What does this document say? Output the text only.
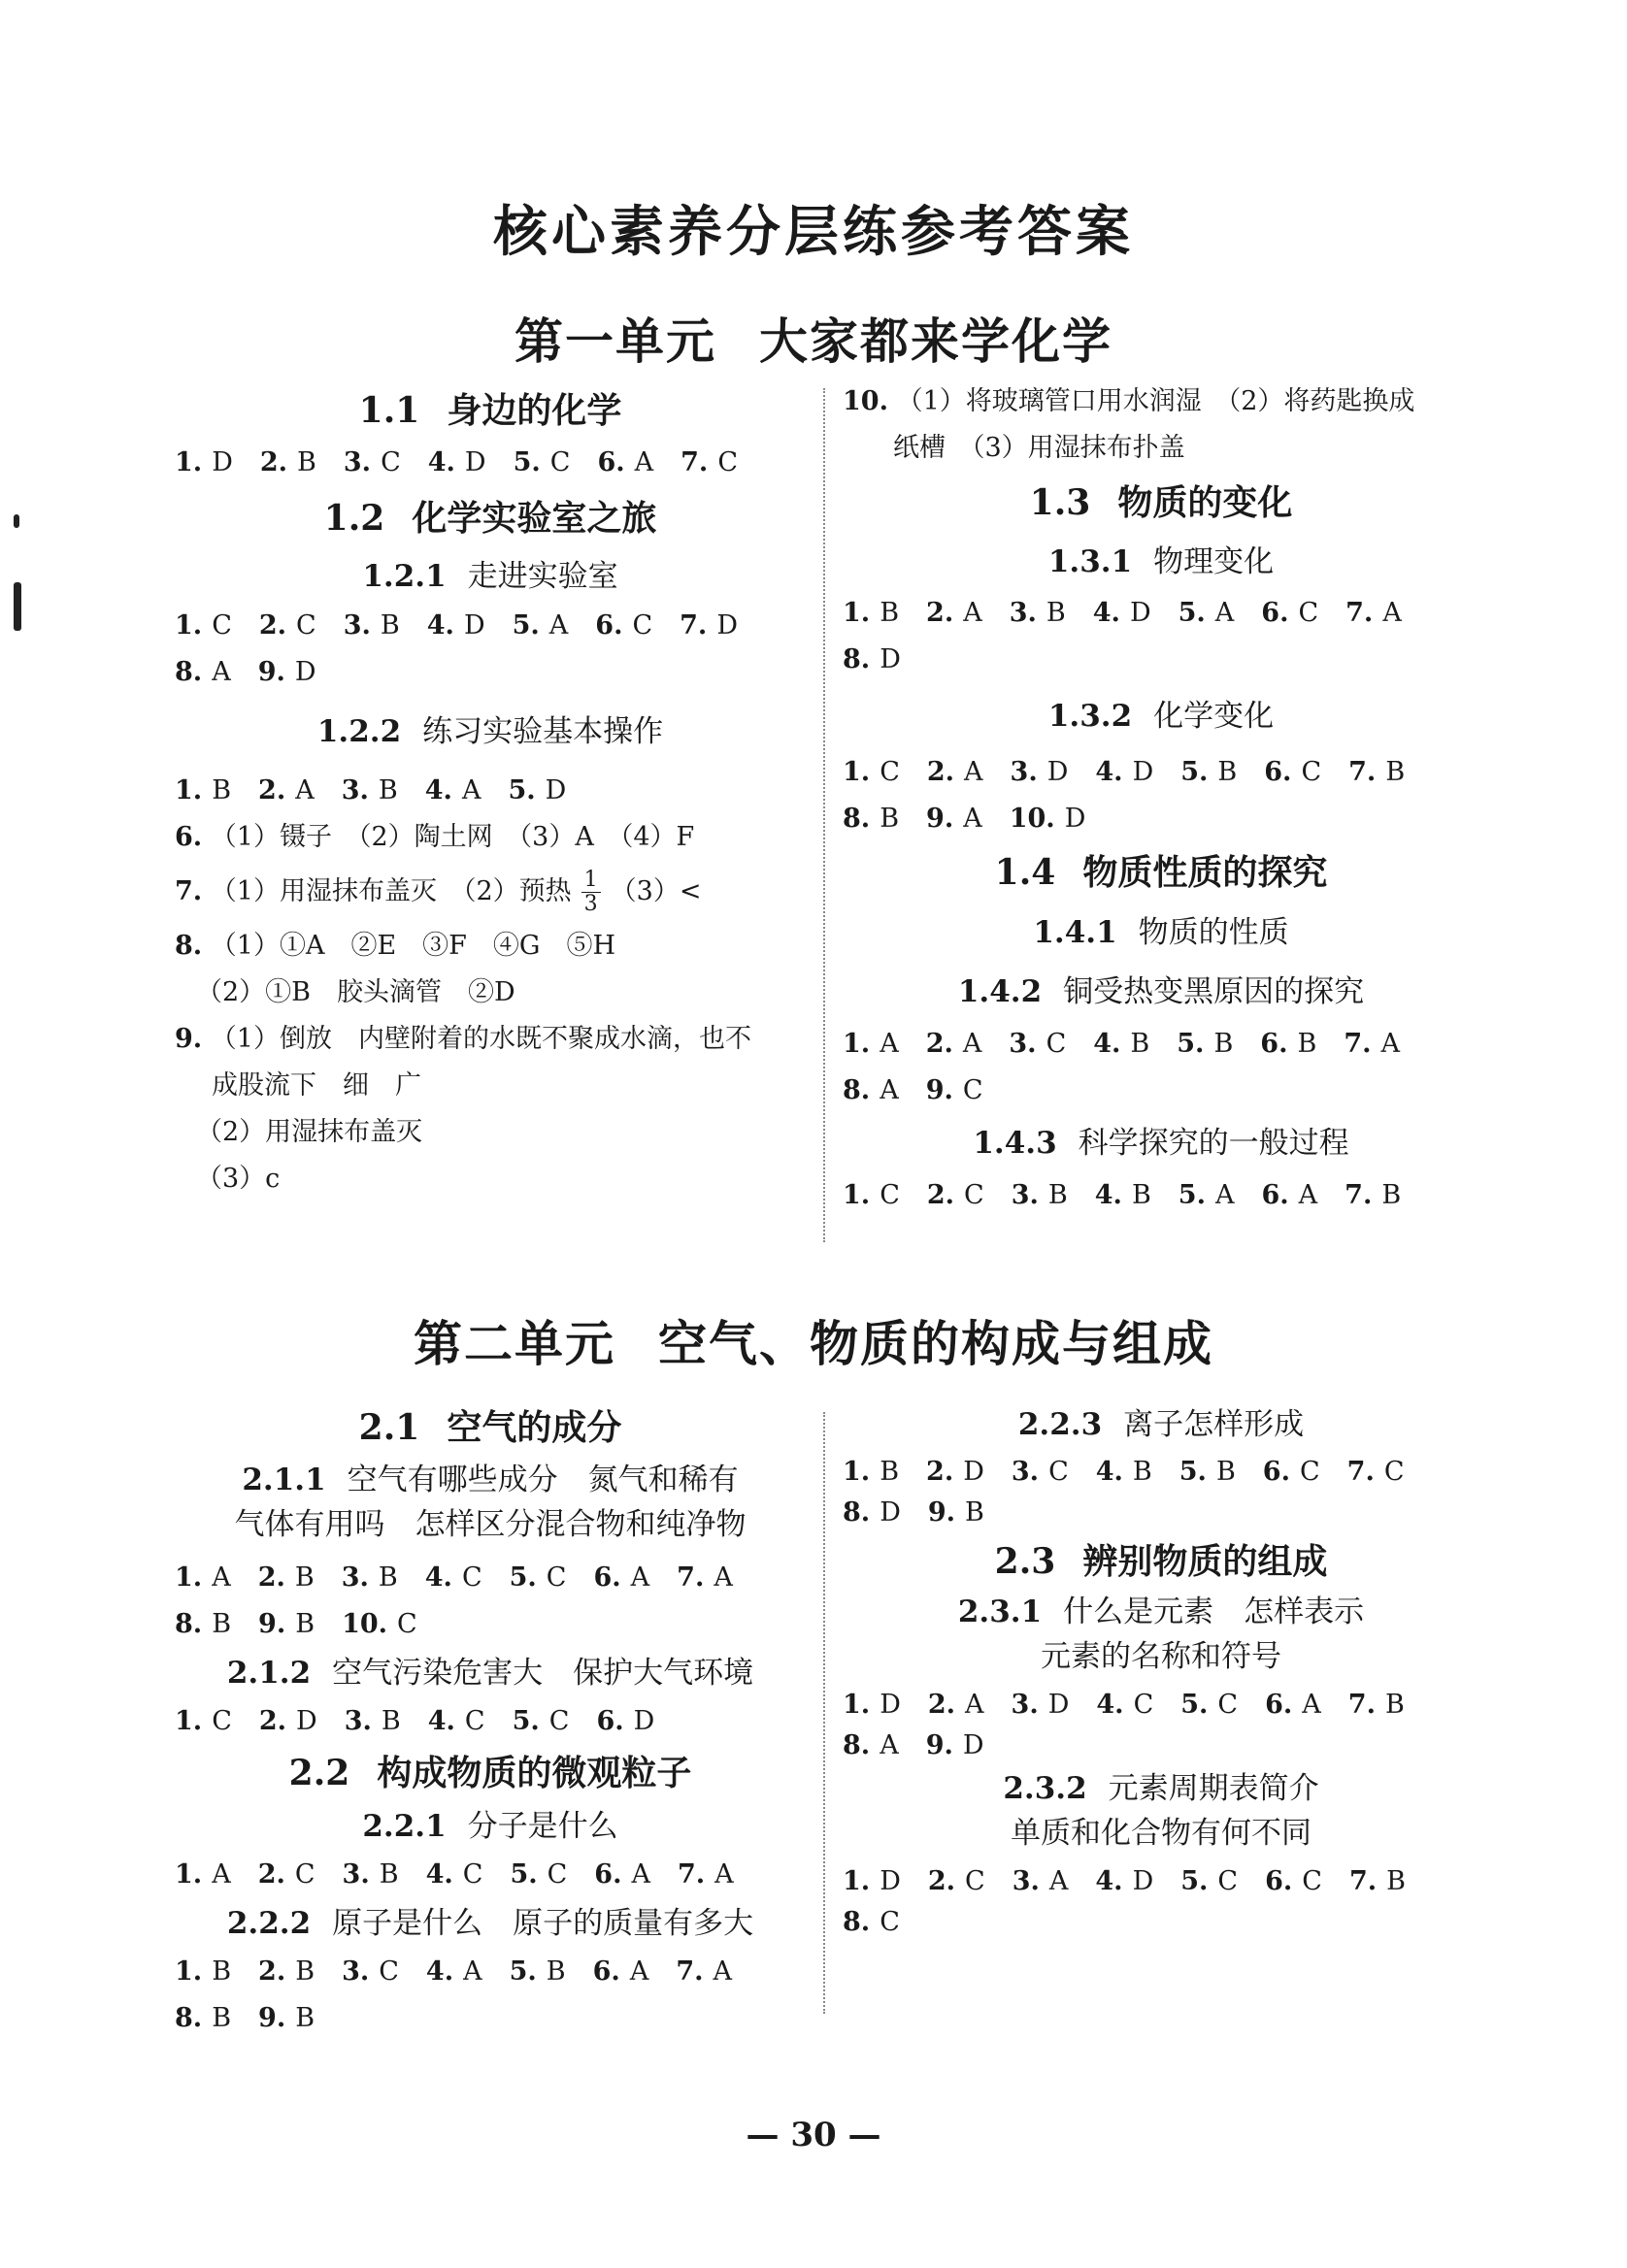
核心素养分层练参考答案
第一单元 大家都来学化学
1.1 身边的化学
1. D 2. B 3. C 4. D 5. C 6. A 7. C
1.2 化学实验室之旅
1.2.1 走进实验室
1. C 2. C 3. B 4. D 5. A 6. C 7. D
8. A 9. D
1.2.2 练习实验基本操作
1. B 2. A 3. B 4. A 5. D
6. （1）镊子　（2）陶土网　（3）A　（4）F
7. （1）用湿抹布盖灭　（2）预热 $\frac{1}{3} (3)<$
8. （1）①A　②E　③F　④G　⑤H
（2）①B　胶头滴管　②D
9. （1）倒放　内壁附着的水既不聚成水滴，也不
成股流下　细　广
（2）用湿抹布盖灭
（3）c
10. （1）将玻璃管口用水润湿　（2）将药匙换成
纸槽　（3）用湿抹布扑盖
1.3 物质的变化
1.3.1 物理变化
1. B 2. A 3. B 4. D 5. A 6. C 7. A
8. D
1.3.2 化学变化
1. C 2. A 3. D 4. D 5. B 6. C 7. B
8. B 9. A 10. D
1.4 物质性质的探究
1.4.1 物质的性质
1.4.2 铜受热变黑原因的探究
1. A 2. A 3. C 4. B 5. B 6. B 7. A
8. A 9. C
1.4.3 科学探究的一般过程
1. C 2. C 3. B 4. B 5. A 6. A 7. B
第二单元 空气、物质的构成与组成
2.1 空气的成分
2.1.1 空气有哪些成分　氮气和稀有
气体有用吗　怎样区分混合物和纯净物
1. A 2. B 3. B 4. C 5. C 6. A 7. A
8. B 9. B 10. C
2.1.2 空气污染危害大　保护大气环境
1. C 2. D 3. B 4. C 5. C 6. D
2.2 构成物质的微观粒子
2.2.1 分子是什么
1. A 2. C 3. B 4. C 5. C 6. A 7. A
2.2.2 原子是什么　原子的质量有多大
1. B 2. B 3. C 4. A 5. B 6. A 7. A
8. B 9. B
2.2.3 离子怎样形成
1. B 2. D 3. C 4. B 5. B 6. C 7. C
8. D 9. B
2.3 辨别物质的组成
2.3.1 什么是元素　怎样表示
元素的名称和符号
1. D 2. A 3. D 4. C 5. C 6. A 7. B
8. A 9. D
2.3.2 元素周期表简介
单质和化合物有何不同
1. D 2. C 3. A 4. D 5. C 6. C 7. B
8. C
— 30 —
